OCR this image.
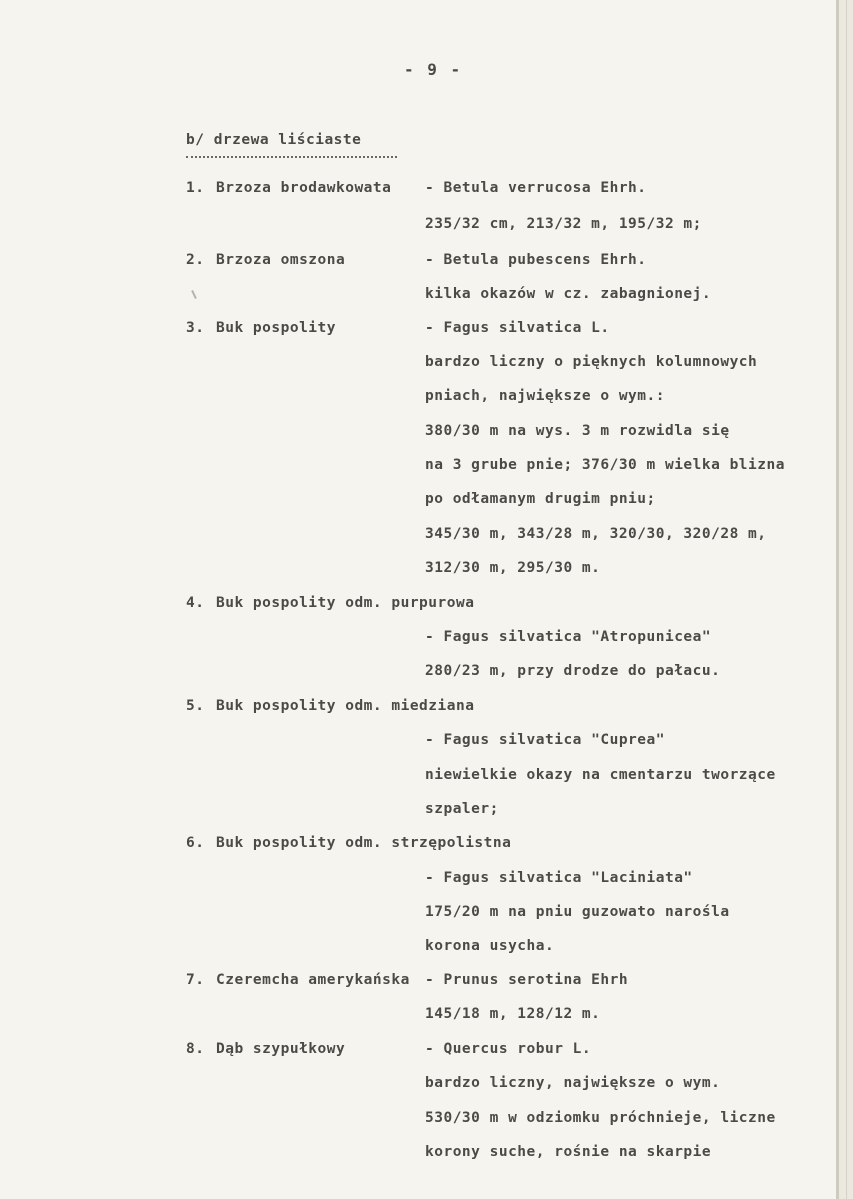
- 9 -
b/ drzewa liściaste
1. Brzoza brodawkowata - Betula verrucosa Ehrh.
235/32 cm, 213/32 m, 195/32 m;
2. Brzoza omszona	- Betula pubescens Ehrh.
kilka okazów w cz. zabagnionej.
3. Buk pospolity	- Fagus silvatica L.
bardzo liczny o pięknych kolumnowych
pniach, największe o wym.:
380/30 m na wys. 3 m rozwidla się
na 3 grube pnie; 376/30 m wielka blizna
po odłamanym drugim pniu;
345/30 m, 343/28 m, 320/30, 320/28 m,
312/30 m, 295/30 m.
4. Buk pospolity odm. purpurowa
- Fagus silvatica "Atropunicea"
280/23 m, przy drodze do pałacu.
5. Buk pospolity odm. miedziana
- Fagus silvatica "Cuprea"
niewielkie okazy na cmentarzu tworzące
szpaler;
6. Buk pospolity odm. strzępolistna
- Fagus silvatica "Laciniata"
175/20 m na pniu guzowato narośla
korona usycha.
7. Czeremcha amerykańska - Prunus serotina Ehrh
145/18 m, 128/12 m.
8. Dąb szypułkowy	- Quercus robur L.
bardzo liczny, największe o wym.
530/30 m w odziomku próchnieje, liczne
korony suche, rośnie na skarpie
